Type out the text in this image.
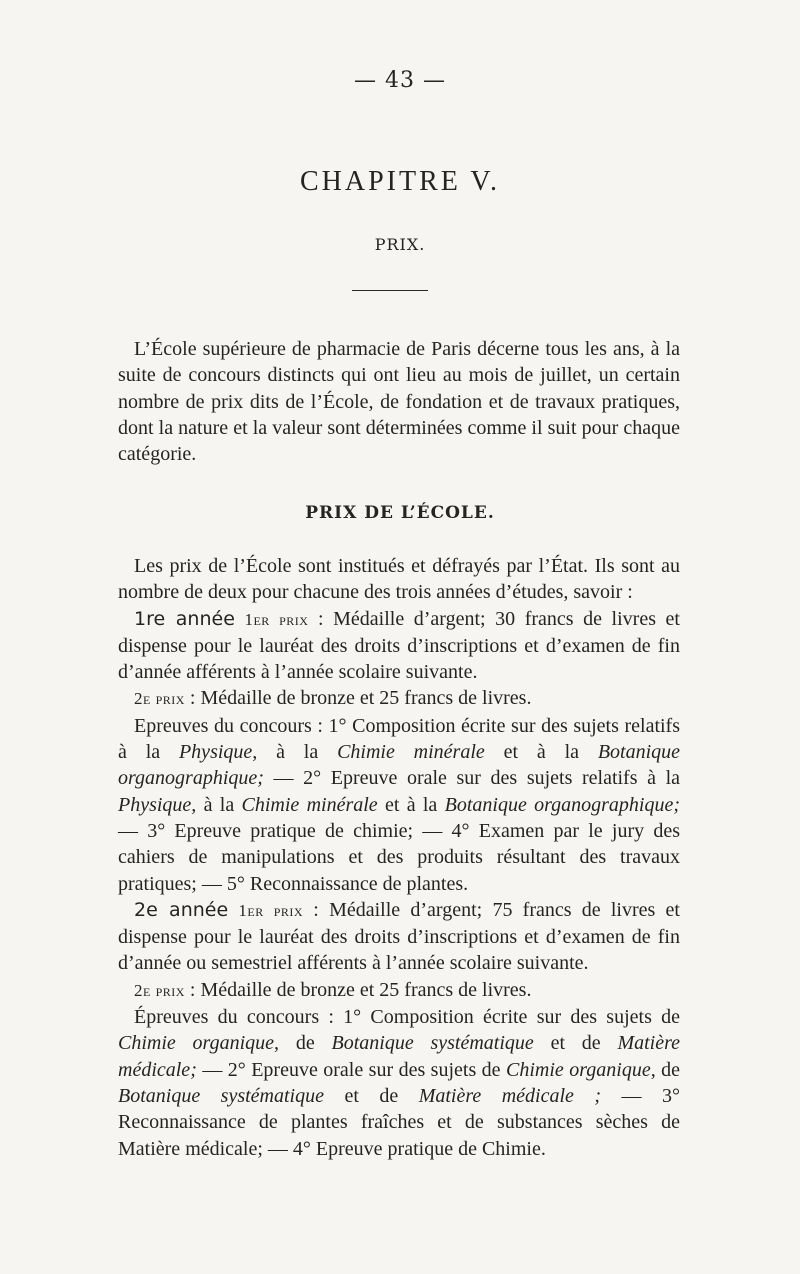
— 43 —
CHAPITRE V.
PRIX.

L’École supérieure de pharmacie de Paris décerne tous les ans, à la suite de concours distincts qui ont lieu au mois de juillet, un certain nombre de prix dits de l’École, de fondation et de travaux pratiques, dont la nature et la valeur sont déterminées comme il suit pour chaque catégorie.

PRIX DE L’ÉCOLE.

Les prix de l’École sont institués et défrayés par l’État. Ils sont au nombre de deux pour chacune des trois années d’études, savoir :

1re année 1er prix : Médaille d’argent; 30 francs de livres et dispense pour le lauréat des droits d’inscriptions et d’examen de fin d’année afférents à l’année scolaire suivante.

2e prix : Médaille de bronze et 25 francs de livres.

Epreuves du concours : 1° Composition écrite sur des sujets relatifs à la Physique, à la Chimie minérale et à la Botanique organographique; — 2° Epreuve orale sur des sujets relatifs à la Physique, à la Chimie minérale et à la Botanique organographique; — 3° Epreuve pratique de chimie; — 4° Examen par le jury des cahiers de manipulations et des produits résultant des travaux pratiques; — 5° Reconnaissance de plantes.

2e année 1er prix : Médaille d’argent; 75 francs de livres et dispense pour le lauréat des droits d’inscriptions et d’examen de fin d’année ou semestriel afférents à l’année scolaire suivante.

2e prix : Médaille de bronze et 25 francs de livres.

Épreuves du concours : 1° Composition écrite sur des sujets de Chimie organique, de Botanique systématique et de Matière médicale; — 2° Epreuve orale sur des sujets de Chimie organique, de Botanique systématique et de Matière médicale ; — 3° Reconnaissance de plantes fraîches et de substances sèches de Matière médicale; — 4° Epreuve pratique de Chimie.
